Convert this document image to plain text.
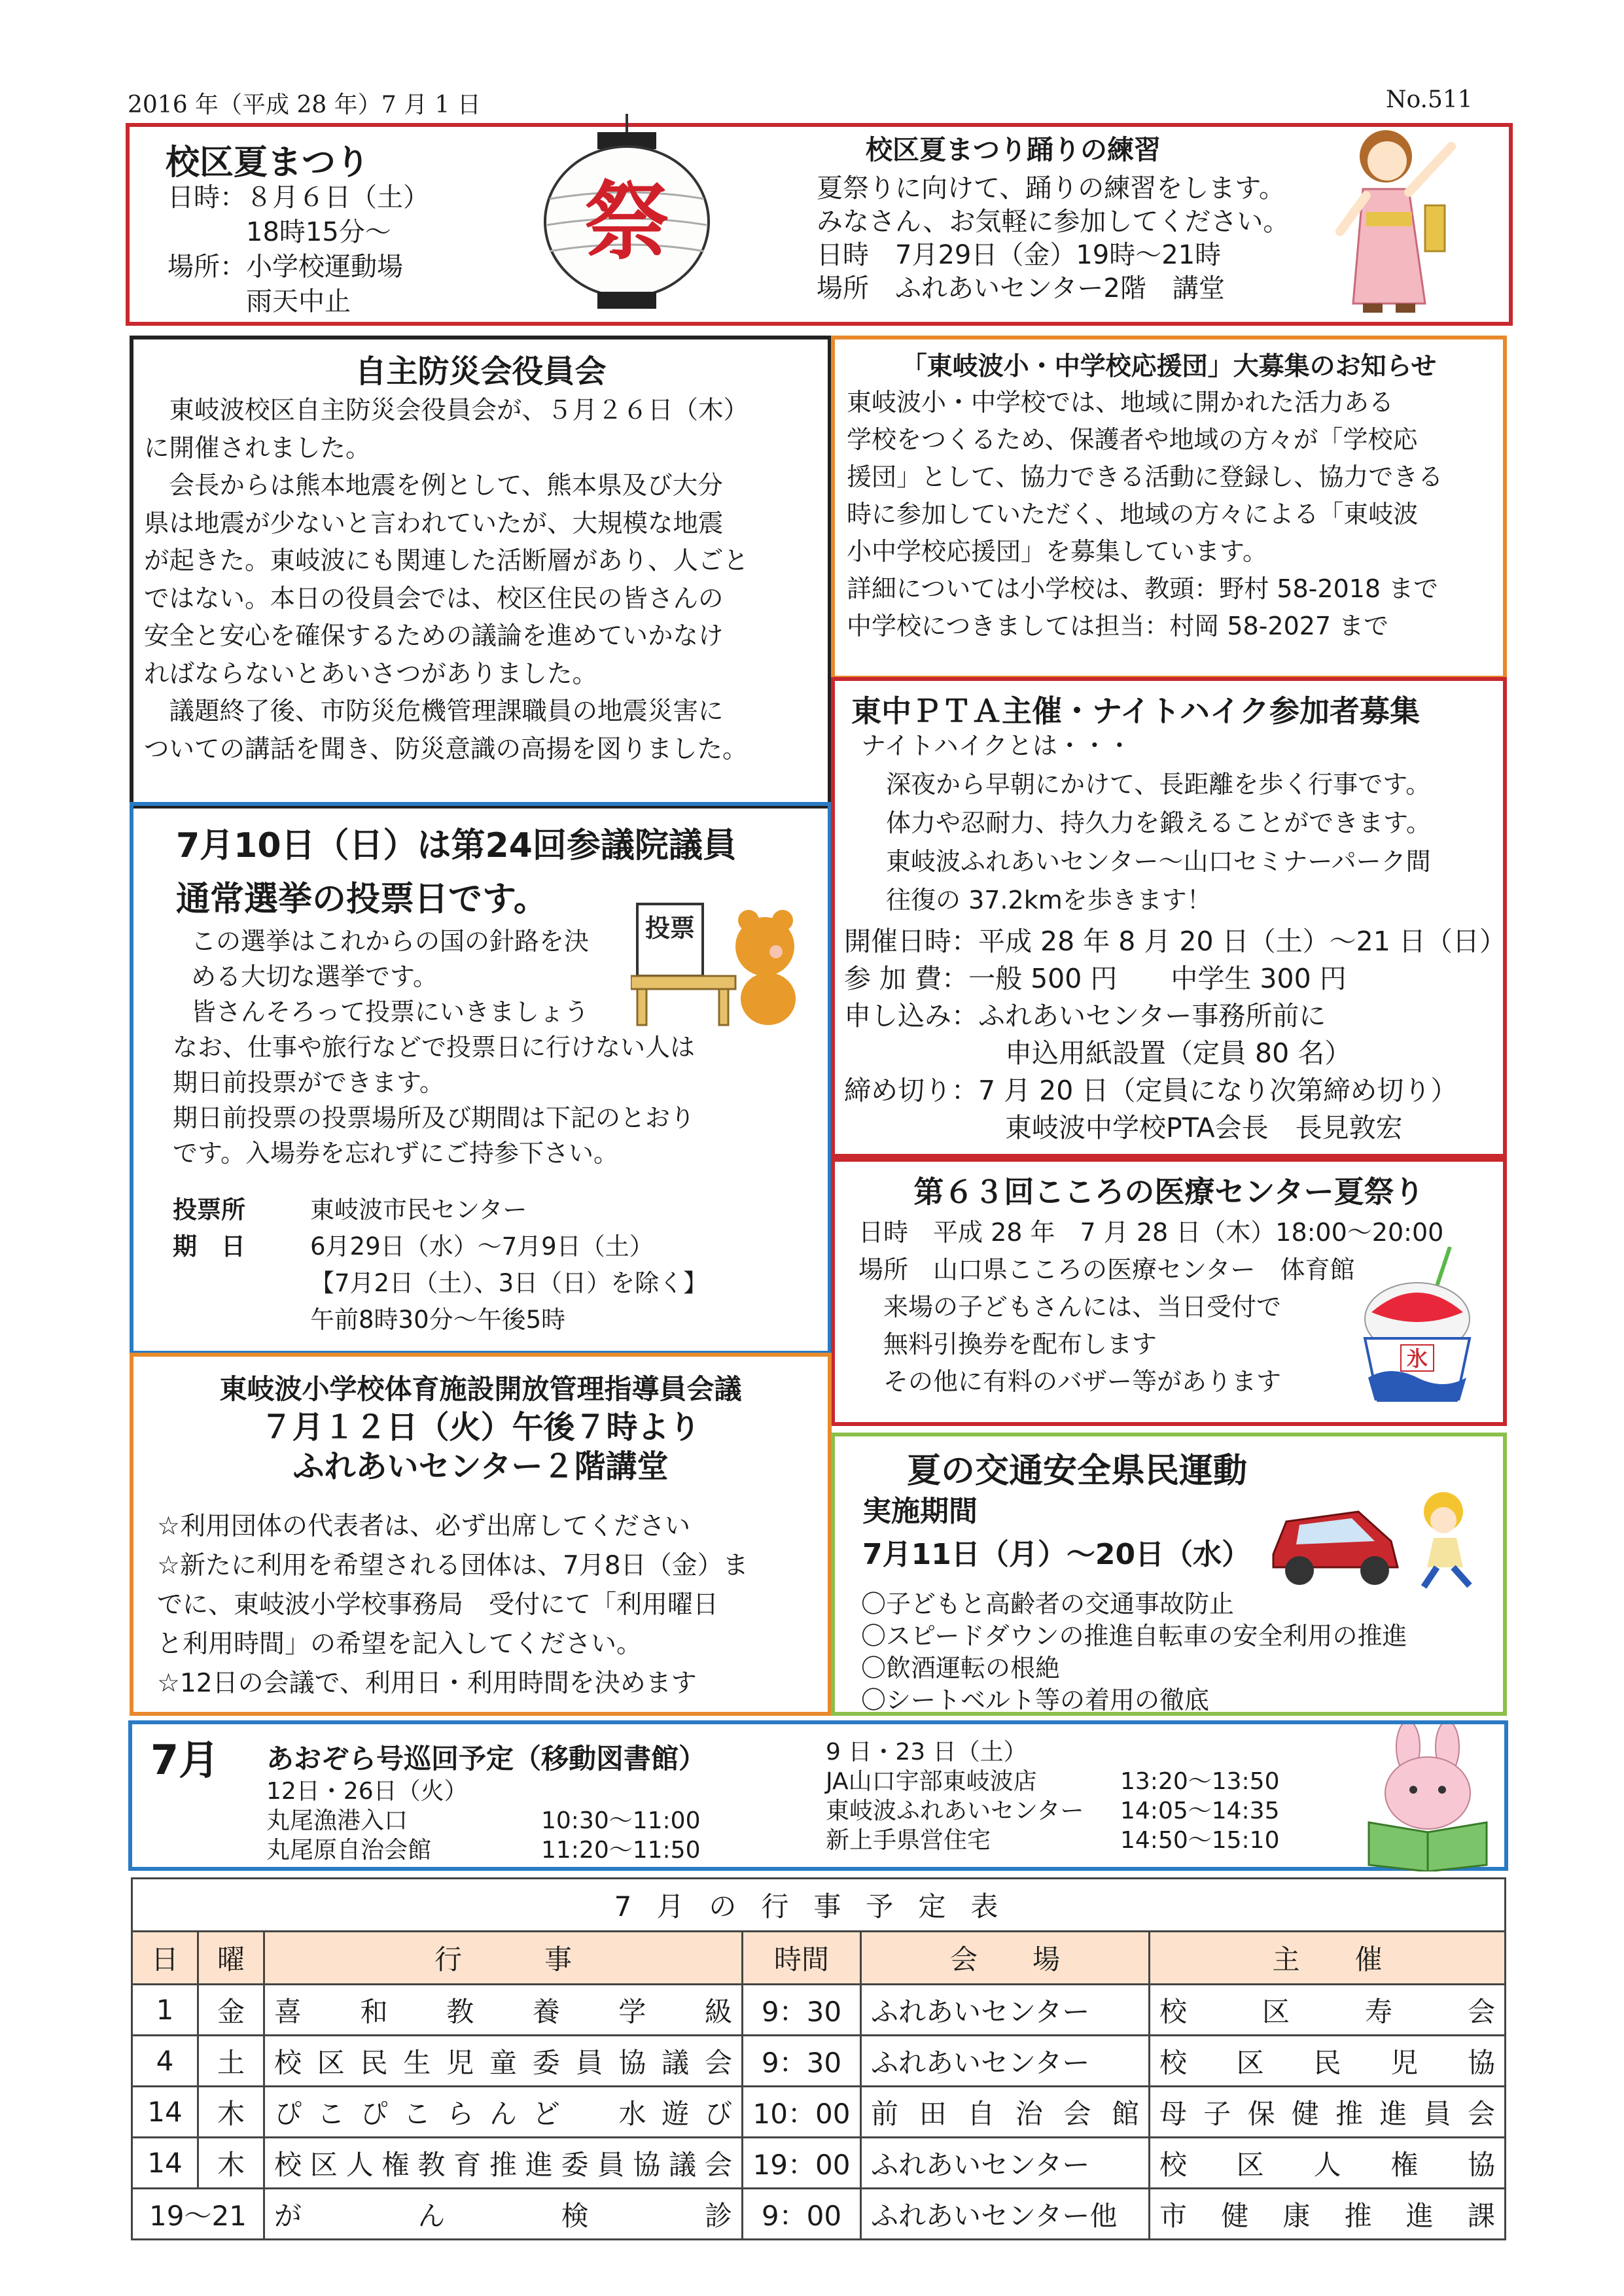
2016 年（平成 28 年）7 月 1 日	No.511
校区夏まつり
日時：８月６日（土）
　　　18時15分～
場所：小学校運動場
　　　雨天中止
祭
校区夏まつり踊りの練習
夏祭りに向けて、踊りの練習をします。
みなさん、お気軽に参加してください。
日時　7月29日（金）19時～21時
場所　ふれあいセンター2階　講堂
自主防災会役員会
　東岐波校区自主防災会役員会が、５月２６日（木）
に開催されました。
　会長からは熊本地震を例として、熊本県及び大分
県は地震が少ないと言われていたが、大規模な地震
が起きた。東岐波にも関連した活断層があり、人ごと
ではない。本日の役員会では、校区住民の皆さんの
安全と安心を確保するための議論を進めていかなけ
ればならないとあいさつがありました。
　議題終了後、市防災危機管理課職員の地震災害に
ついての講話を聞き、防災意識の高揚を図りました。
「東岐波小・中学校応援団」大募集のお知らせ
東岐波小・中学校では、地域に開かれた活力ある
学校をつくるため、保護者や地域の方々が「学校応
援団」として、協力できる活動に登録し、協力できる
時に参加していただく、地域の方々による「東岐波
小中学校応援団」を募集しています。
詳細については小学校は、教頭：野村 58-2018 まで
中学校につきましては担当：村岡 58-2027 まで
7月10日（日）は第24回参議院議員
通常選挙の投票日です。
投票
この選挙はこれからの国の針路を決
める大切な選挙です。
皆さんそろって投票にいきましょう
なお、仕事や旅行などで投票日に行けない人は
期日前投票ができます。
期日前投票の投票場所及び期間は下記のとおり
です。入場券を忘れずにご持参下さい。
投票所	東岐波市民センター
期　日	6月29日（水）～7月9日（土）
【7月2日（土）、3日（日）を除く】
午前8時30分～午後5時
東中ＰＴＡ主催・ナイトハイク参加者募集
ナイトハイクとは・・・
　深夜から早朝にかけて、長距離を歩く行事です。
　体力や忍耐力、持久力を鍛えることができます。
　東岐波ふれあいセンター～山口セミナーパーク間
　往復の 37.2kmを歩きます！
開催日時：平成 28 年 8 月 20 日（土）～21 日（日）
参 加 費：一般 500 円　　中学生 300 円
申し込み：ふれあいセンター事務所前に
　　　　　　申込用紙設置（定員 80 名）
締め切り：7 月 20 日（定員になり次第締め切り）
　　　　　　東岐波中学校PTA会長　長見敦宏
第６３回こころの医療センター夏祭り
日時　平成 28 年　7 月 28 日（木）18:00～20:00
場所　山口県こころの医療センター　体育館
　来場の子どもさんには、当日受付で
　無料引換券を配布します
　その他に有料のバザー等があります
氷
東岐波小学校体育施設開放管理指導員会議
７月１２日（火）午後７時より
ふれあいセンター２階講堂
☆利用団体の代表者は、必ず出席してください
☆新たに利用を希望される団体は、7月8日（金）ま
でに、東岐波小学校事務局　受付にて「利用曜日
と利用時間」の希望を記入してください。
☆12日の会議で、利用日・利用時間を決めます
夏の交通安全県民運動
実施期間
7月11日（月）～20日（水）
〇子どもと高齢者の交通事故防止
〇スピードダウンの推進自転車の安全利用の推進
〇飲酒運転の根絶
〇シートベルト等の着用の徹底
7月 あおぞら号巡回予定（移動図書館）
12日・26日（火）
丸尾漁港入口	10:30～11:00
丸尾原自治会館	11:20～11:50
9 日・23 日（土）
JA山口宇部東岐波店	13:20～13:50
東岐波ふれあいセンター	14:05～14:35
新上手県営住宅	14:50～15:10
7月の行事予定表					
日	曜	行　　　事	時間	会　　場	主　　催
1	金	喜和教養学級	9：30	ふれあいセンター	校区寿会
4	土	校区民生児童委員協議会	9：30	ふれあいセンター	校区民児協
14	木	ぴこぴこらんど　水遊び	10：00	前田自治会館	母子保健推進員会
14	木	校区人権教育推進委員協議会	19：00	ふれあいセンター	校区人権協
19～21		がん検診	9：00	ふれあいセンター他	市健康推進課
